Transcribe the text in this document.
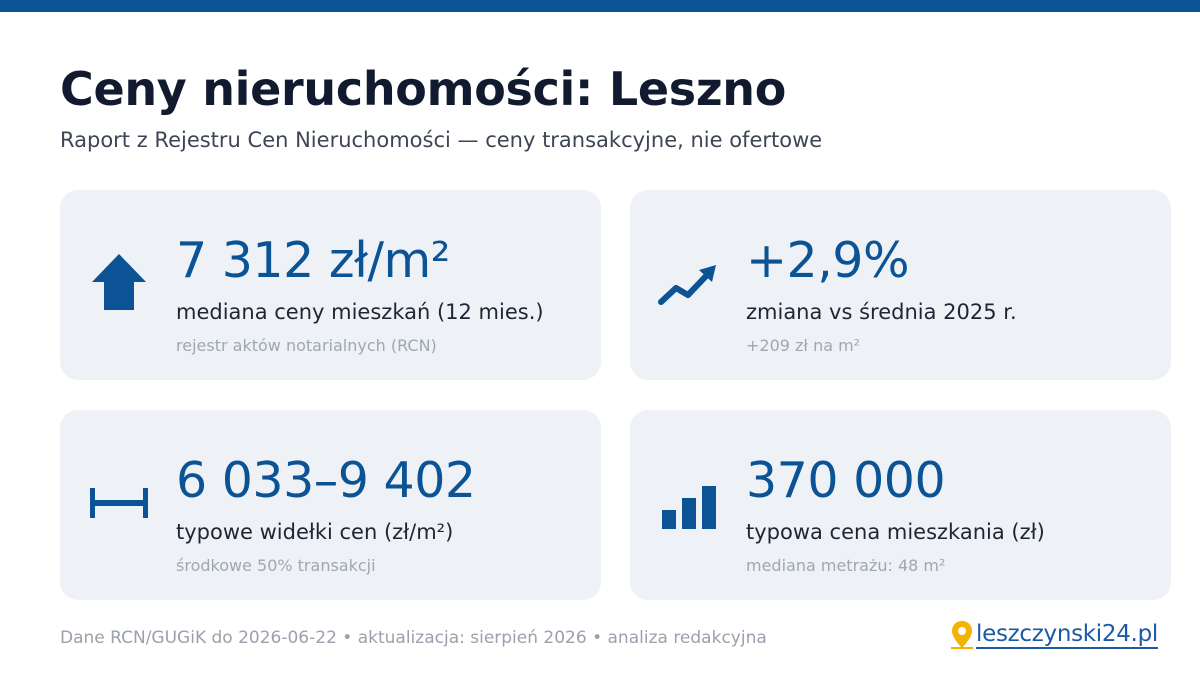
Ceny nieruchomości: Leszno
Raport z Rejestru Cen Nieruchomości — ceny transakcyjne, nie ofertowe
7 312 zł/m²
mediana ceny mieszkań (12 mies.)
rejestr aktów notarialnych (RCN)
+2,9%
zmiana vs średnia 2025 r.
+209 zł na m²
6 033–9 402
typowe widełki cen (zł/m²)
środkowe 50% transakcji
370 000
typowa cena mieszkania (zł)
mediana metrażu: 48 m²
Dane RCN/GUGiK do 2026-06-22 • aktualizacja: sierpień 2026 • analiza redakcyjna	leszczynski24.pl
